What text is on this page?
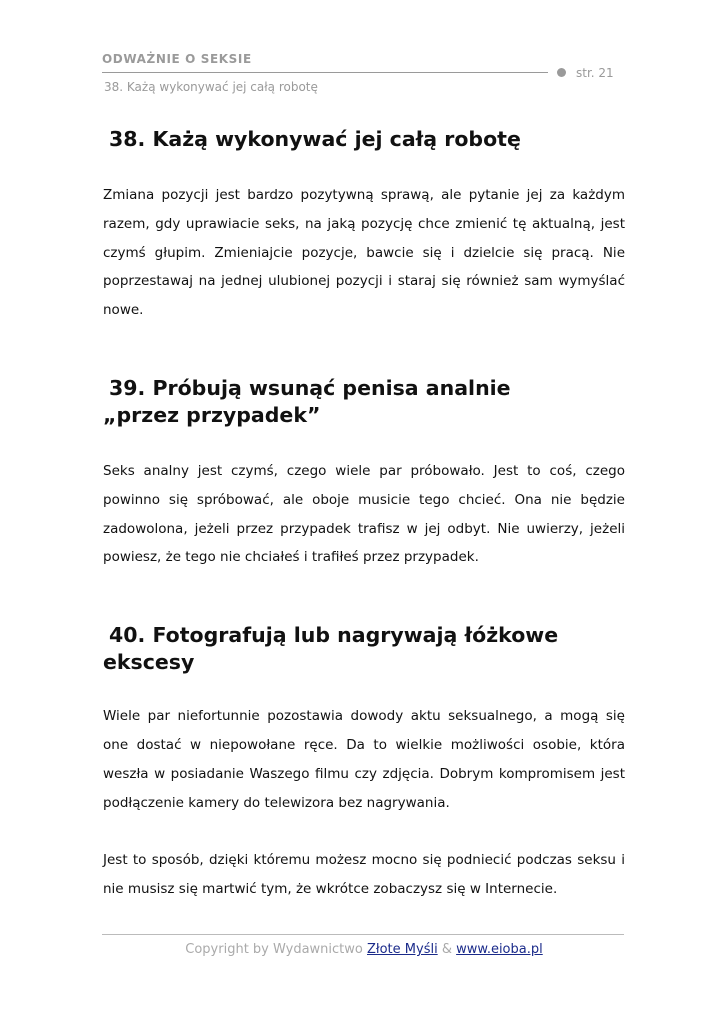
ODWAŻNIE O SEKSIE
str. 21
38. Każą wykonywać jej całą robotę
38. Każą wykonywać jej całą robotę

Zmiana pozycji jest bardzo pozytywną sprawą, ale pytanie jej za każdym razem, gdy uprawiacie seks, na jaką pozycję chce zmienić tę aktualną, jest czymś głupim. Zmieniajcie pozycje, bawcie się i dzielcie się pracą. Nie poprzestawaj na jednej ulubionej pozycji i staraj się również sam wymyślać nowe.

39. Próbują wsunąć penisa analnie
„przez przypadek”

Seks analny jest czymś, czego wiele par próbowało. Jest to coś, czego powinno się spróbować, ale oboje musicie tego chcieć. Ona nie będzie zadowolona, jeżeli przez przypadek trafisz w jej odbyt. Nie uwierzy, jeżeli powiesz, że tego nie chciałeś i trafiłeś przez przypadek.

40. Fotografują lub nagrywają łóżkowe ekscesy

Wiele par niefortunnie pozostawia dowody aktu seksualnego, a mogą się one dostać w niepowołane ręce. Da to wielkie możliwości osobie, która weszła w posiadanie Waszego filmu czy zdjęcia. Dobrym kompromisem jest podłączenie kamery do telewizora bez nagrywania.

Jest to sposób, dzięki któremu możesz mocno się podniecić podczas seksu i nie musisz się martwić tym, że wkrótce zobaczysz się w Internecie.

Copyright by Wydawnictwo Złote Myśli & www.eioba.pl
